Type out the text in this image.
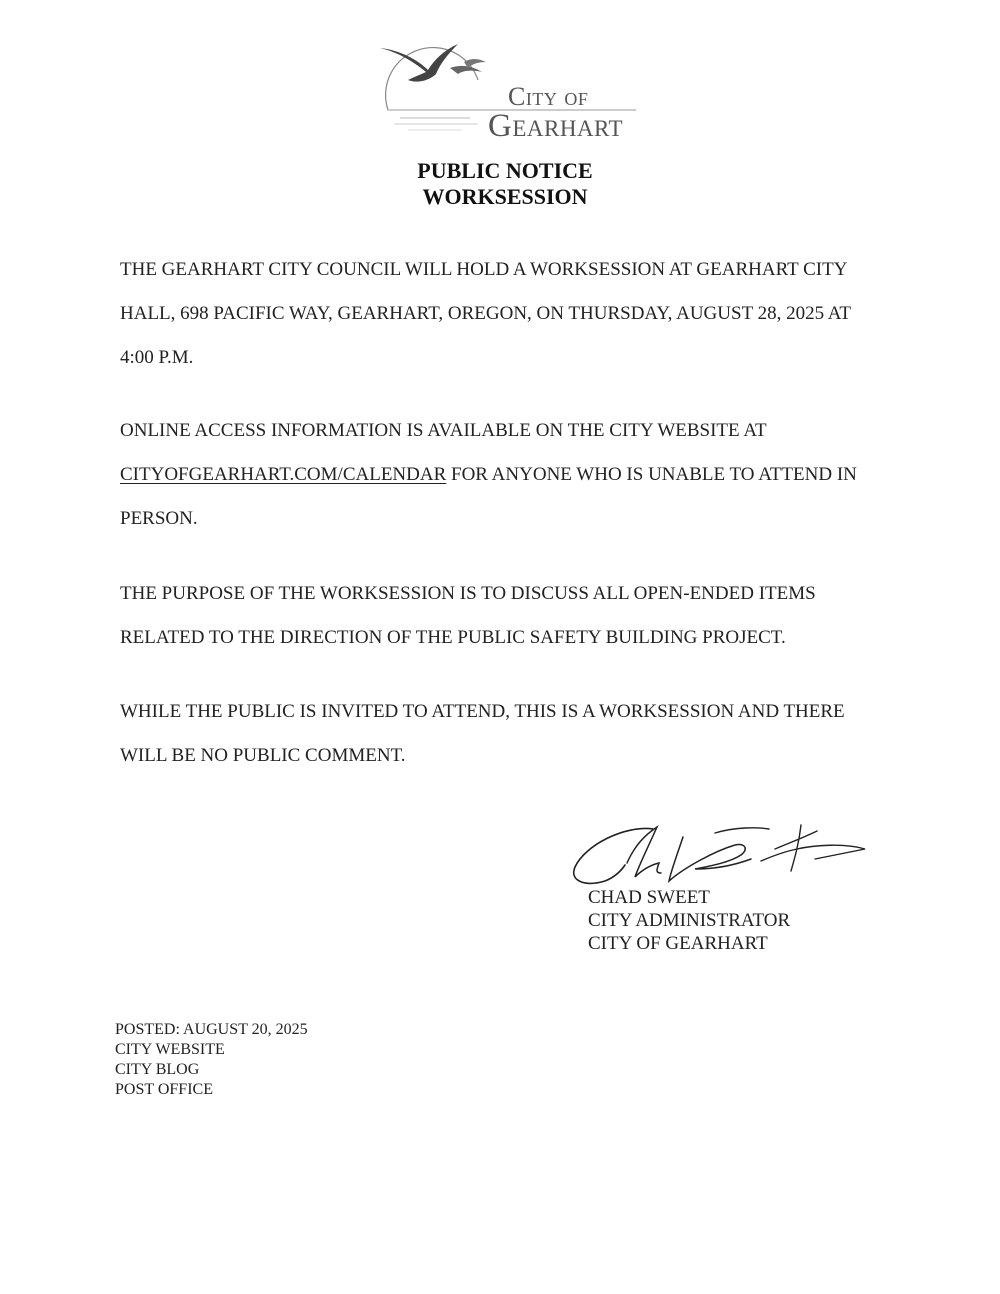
City of
Gearhart
PUBLIC NOTICE
WORKSESSION
THE GEARHART CITY COUNCIL WILL HOLD A WORKSESSION AT GEARHART CITY
HALL, 698 PACIFIC WAY, GEARHART, OREGON, ON THURSDAY, AUGUST 28, 2025 AT
4:00 P.M.
ONLINE ACCESS INFORMATION IS AVAILABLE ON THE CITY WEBSITE AT
CITYOFGEARHART.COM/CALENDAR FOR ANYONE WHO IS UNABLE TO ATTEND IN
PERSON.
THE PURPOSE OF THE WORKSESSION IS TO DISCUSS ALL OPEN-ENDED ITEMS
RELATED TO THE DIRECTION OF THE PUBLIC SAFETY BUILDING PROJECT.
WHILE THE PUBLIC IS INVITED TO ATTEND, THIS IS A WORKSESSION AND THERE
WILL BE NO PUBLIC COMMENT.
CHAD SWEET
CITY ADMINISTRATOR
CITY OF GEARHART
POSTED: AUGUST 20, 2025
CITY WEBSITE
CITY BLOG
POST OFFICE
